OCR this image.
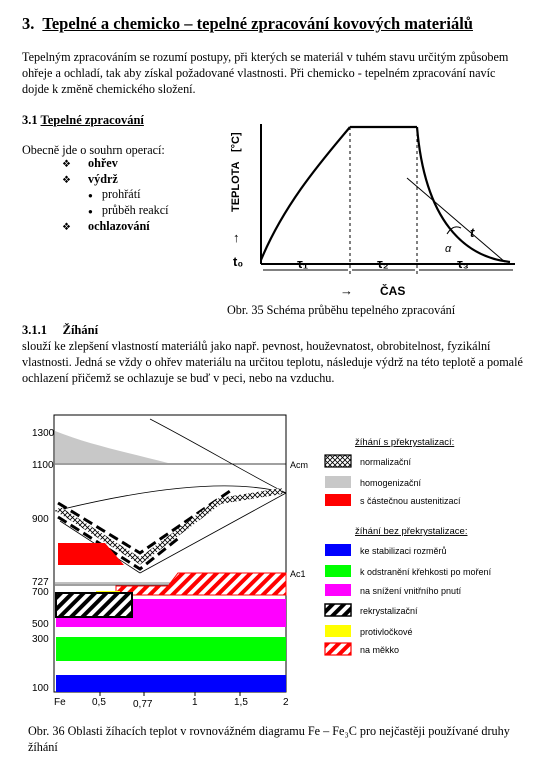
3. Tepelné a chemicko – tepelné zpracování kovových materiálů
Tepelným zpracováním se rozumí postupy, při kterých se materiál v tuhém stavu určitým způsobem ohřeje a ochladí, tak aby získal požadované vlastnosti. Při chemicko - tepelném zpracování navíc dojde k změně chemického složení.
3.1 Tepelné zpracování
Obecně jde o souhrn operací:
❖ ohřev
❖ výdrž
● prohřátí
● průběh reakcí
❖ ochlazování
TEPLOTA
[°C]
↑
t₀	τ₁	τ₂	τ₃
→ ČAS
t
α
Obr. 35 Schéma průběhu tepelného zpracování
3.1.1 Žíhání
slouží ke zlepšení vlastností materiálů jako např. pevnost, houževnatost, obrobitelnost, fyzikální vlastnosti. Jedná se vždy o ohřev materiálu na určitou teplotu, následuje výdrž na této teplotě a pomalé ochlazení přičemž se ochlazuje se buď v peci, nebo na vzduchu.
1300
1100
900
727
700
500
300
100
Fe	0,5	0,77	1	1,5	2
Acm
Ac1
žíhání s překrystalizací:
normalizační
homogenizační
s částečnou austenitizací
žíhání bez překrystalizace:
ke stabilizaci rozměrů
k odstranění křehkosti po moření
na snížení vnitřního pnutí
rekrystalizační
protivločkové
na měkko
Obr. 36 Oblasti žíhacích teplot v rovnovážném diagramu Fe – Fe₃C pro nejčastěji používané druhy žíhání
